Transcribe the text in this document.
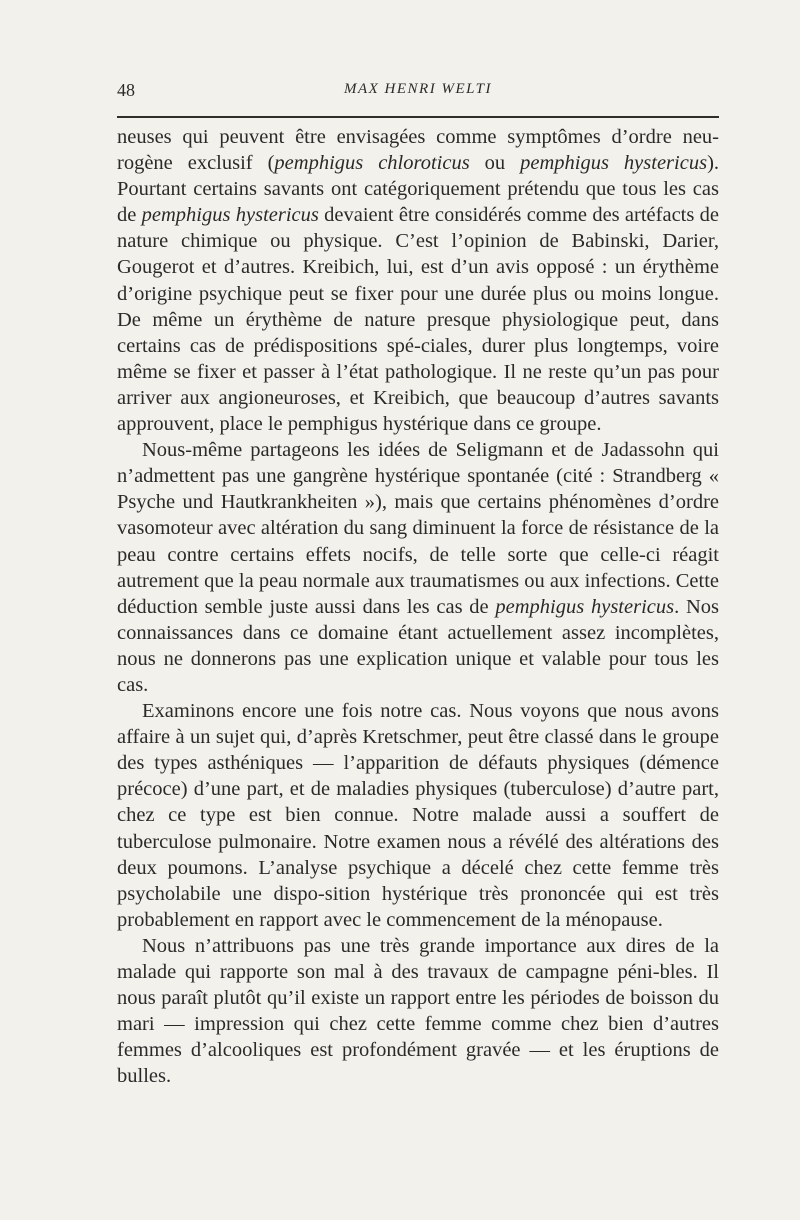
48	MAX HENRI WELTI

neuses qui peuvent être envisagées comme symptômes d’ordre neu-rogène exclusif (pemphigus chloroticus ou pemphigus hystericus). Pourtant certains savants ont catégoriquement prétendu que tous les cas de pemphigus hystericus devaient être considérés comme des artéfacts de nature chimique ou physique. C’est l’opinion de Babinski, Darier, Gougerot et d’autres. Kreibich, lui, est d’un avis opposé : un érythème d’origine psychique peut se fixer pour une durée plus ou moins longue. De même un érythème de nature presque physiologique peut, dans certains cas de prédispositions spé-ciales, durer plus longtemps, voire même se fixer et passer à l’état pathologique. Il ne reste qu’un pas pour arriver aux angioneuroses, et Kreibich, que beaucoup d’autres savants approuvent, place le pemphigus hystérique dans ce groupe.

Nous-même partageons les idées de Seligmann et de Jadassohn qui n’admettent pas une gangrène hystérique spontanée (cité : Strandberg « Psyche und Hautkrankheiten »), mais que certains phénomènes d’ordre vasomoteur avec altération du sang diminuent la force de résistance de la peau contre certains effets nocifs, de telle sorte que celle-ci réagit autrement que la peau normale aux traumatismes ou aux infections. Cette déduction semble juste aussi dans les cas de pemphigus hystericus. Nos connaissances dans ce domaine étant actuellement assez incomplètes, nous ne donnerons pas une explication unique et valable pour tous les cas.

Examinons encore une fois notre cas. Nous voyons que nous avons affaire à un sujet qui, d’après Kretschmer, peut être classé dans le groupe des types asthéniques — l’apparition de défauts physiques (démence précoce) d’une part, et de maladies physiques (tuberculose) d’autre part, chez ce type est bien connue. Notre malade aussi a souffert de tuberculose pulmonaire. Notre examen nous a révélé des altérations des deux poumons. L’analyse psychique a décelé chez cette femme très psycholabile une dispo-sition hystérique très prononcée qui est très probablement en rapport avec le commencement de la ménopause.

Nous n’attribuons pas une très grande importance aux dires de la malade qui rapporte son mal à des travaux de campagne péni-bles. Il nous paraît plutôt qu’il existe un rapport entre les périodes de boisson du mari — impression qui chez cette femme comme chez bien d’autres femmes d’alcooliques est profondément gravée — et les éruptions de bulles.
